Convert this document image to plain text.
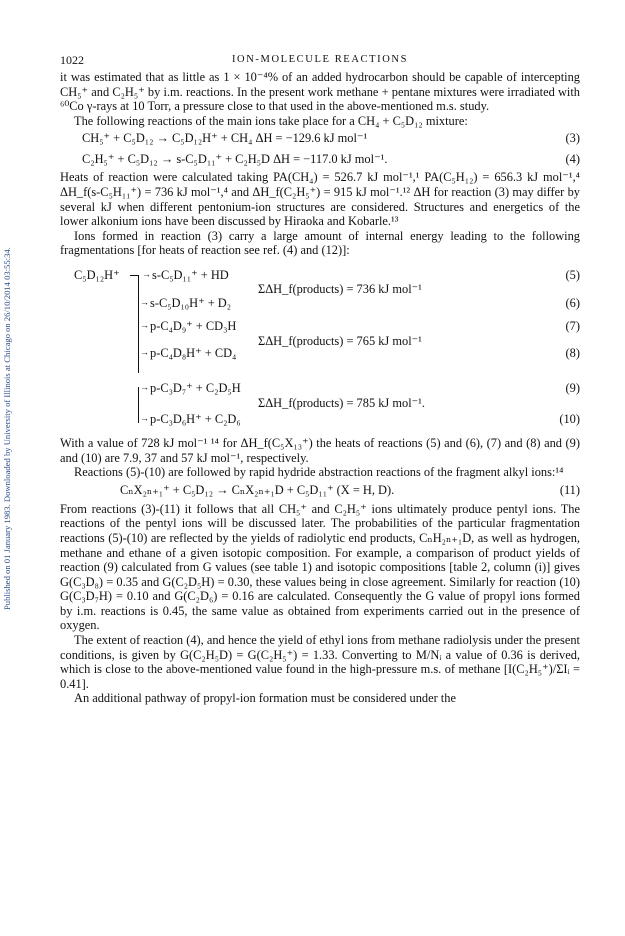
Published on 01 January 1983. Downloaded by University of Illinois at Chicago on 26/10/2014 03:55:34.
1022	ION-MOLECULE REACTIONS

it was estimated that as little as 1 × 10⁻⁴% of an added hydrocarbon should be capable of intercepting CH₅⁺ and C₂H₅⁺ by i.m. reactions. In the present work methane + pentane mixtures were irradiated with ⁶⁰Co γ-rays at 10 Torr, a pressure close to that used in the above-mentioned m.s. study.

The following reactions of the main ions take place for a CH₄ + C₅D₁₂ mixture:

CH₅⁺ + C₅D₁₂ → C₅D₁₂H⁺ + CH₄ ΔH = −129.6 kJ mol⁻¹	(3)
C₂H₅⁺ + C₅D₁₂ → s-C₅D₁₁⁺ + C₂H₅D ΔH = −117.0 kJ mol⁻¹.	(4)

Heats of reaction were calculated taking PA(CH₄) = 526.7 kJ mol⁻¹,¹ PA(C₅H₁₂) = 656.3 kJ mol⁻¹,⁴ ΔH_f(s-C₅H₁₁⁺) = 736 kJ mol⁻¹,⁴ and ΔH_f(C₂H₅⁺) = 915 kJ mol⁻¹.¹² ΔH for reaction (3) may differ by several kJ when different pentonium-ion structures are considered. Structures and energetics of the lower alkonium ions have been discussed by Hiraoka and Kobarle.¹³

Ions formed in reaction (3) carry a large amount of internal energy leading to the following fragmentations [for heats of reaction see ref. (4) and (12)]:

C₅D₁₂H⁺ → s-C₅D₁₁⁺ + HD	(5)
ΣΔH_f(products) = 736 kJ mol⁻¹
→ s-C₅D₁₀H⁺ + D₂	(6)
→ p-C₄D₉⁺ + CD₃H	(7)
ΣΔH_f(products) = 765 kJ mol⁻¹
→ p-C₄D₈H⁺ + CD₄	(8)
→ p-C₃D₇⁺ + C₂D₅H	(9)
ΣΔH_f(products) = 785 kJ mol⁻¹.
→ p-C₃D₆H⁺ + C₂D₆	(10)

With a value of 728 kJ mol⁻¹ ¹⁴ for ΔH_f(C₅X₁₃⁺) the heats of reactions (5) and (6), (7) and (8) and (9) and (10) are 7.9, 37 and 57 kJ mol⁻¹, respectively.

Reactions (5)-(10) are followed by rapid hydride abstraction reactions of the fragment alkyl ions:¹⁴

CₙX₂ₙ₊₁⁺ + C₅D₁₂ → CₙX₂ₙ₊₁D + C₅D₁₁⁺ (X = H, D).	(11)

From reactions (3)-(11) it follows that all CH₅⁺ and C₂H₅⁺ ions ultimately produce pentyl ions. The reactions of the pentyl ions will be discussed later. The probabilities of the particular fragmentation reactions (5)-(10) are reflected by the yields of radiolytic end products, CₙH₂ₙ₊₁D, as well as hydrogen, methane and ethane of a given isotopic composition. For example, a comparison of product yields of reaction (9) calculated from G values (see table 1) and isotopic compositions [table 2, column (i)] gives G(C₃D₈) = 0.35 and G(C₂D₅H) = 0.30, these values being in close agreement. Similarly for reaction (10) G(C₃D₇H) = 0.10 and G(C₂D₆) = 0.16 are calculated. Consequently the G value of propyl ions formed by i.m. reactions is 0.45, the same value as obtained from experiments carried out in the presence of oxygen.

The extent of reaction (4), and hence the yield of ethyl ions from methane radiolysis under the present conditions, is given by G(C₂H₅D) = G(C₂H₅⁺) = 1.33. Converting to M/Nᵢ a value of 0.36 is derived, which is close to the above-mentioned value found in the high-pressure m.s. of methane [I(C₂H₅⁺)/ΣIᵢ = 0.41].

An additional pathway of propyl-ion formation must be considered under the
